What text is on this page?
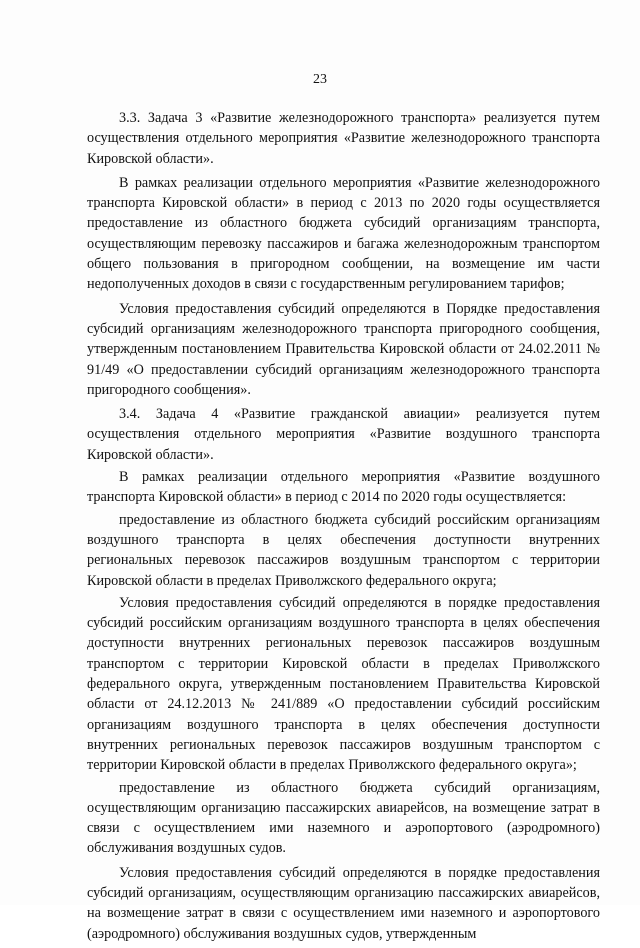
23

3.3. Задача 3 «Развитие железнодорожного транспорта» реализуется путем осуществления отдельного мероприятия «Развитие железнодорожного транспорта Кировской области».

В рамках реализации отдельного мероприятия «Развитие железнодорожного транспорта Кировской области» в период с 2013 по 2020 годы осуществляется предоставление из областного бюджета субсидий организациям транспорта, осуществляющим перевозку пассажиров и багажа железнодорожным транспортом общего пользования в пригородном сообщении, на возмещение им части недополученных доходов в связи с государственным регулированием тарифов;

Условия предоставления субсидий определяются в Порядке предоставления субсидий организациям железнодорожного транспорта пригородного сообщения, утвержденным постановлением Правительства Кировской области от 24.02.2011 № 91/49 «О предоставлении субсидий организациям железнодорожного транспорта пригородного сообщения».

3.4. Задача 4 «Развитие гражданской авиации» реализуется путем осуществления отдельного мероприятия «Развитие воздушного транспорта Кировской области».

В рамках реализации отдельного мероприятия «Развитие воздушного транспорта Кировской области» в период с 2014 по 2020 годы осуществляется:

предоставление из областного бюджета субсидий российским организациям воздушного транспорта в целях обеспечения доступности внутренних региональных перевозок пассажиров воздушным транспортом с территории Кировской области в пределах Приволжского федерального округа;

Условия предоставления субсидий определяются в порядке предоставления субсидий российским организациям воздушного транспорта в целях обеспечения доступности внутренних региональных перевозок пассажиров воздушным транспортом с территории Кировской области в пределах Приволжского федерального округа, утвержденным постановлением Правительства Кировской области от 24.12.2013 № 241/889 «О предоставлении субсидий российским организациям воздушного транспорта в целях обеспечения доступности внутренних региональных перевозок пассажиров воздушным транспортом с территории Кировской области в пределах Приволжского федерального округа»;

предоставление из областного бюджета субсидий организациям, осуществляющим организацию пассажирских авиарейсов, на возмещение затрат в связи с осуществлением ими наземного и аэропортового (аэродромного) обслуживания воздушных судов.

Условия предоставления субсидий определяются в порядке предоставления субсидий организациям, осуществляющим организацию пассажирских авиарейсов, на возмещение затрат в связи с осуществлением ими наземного и аэропортового (аэродромного) обслуживания воздушных судов, утвержденным
